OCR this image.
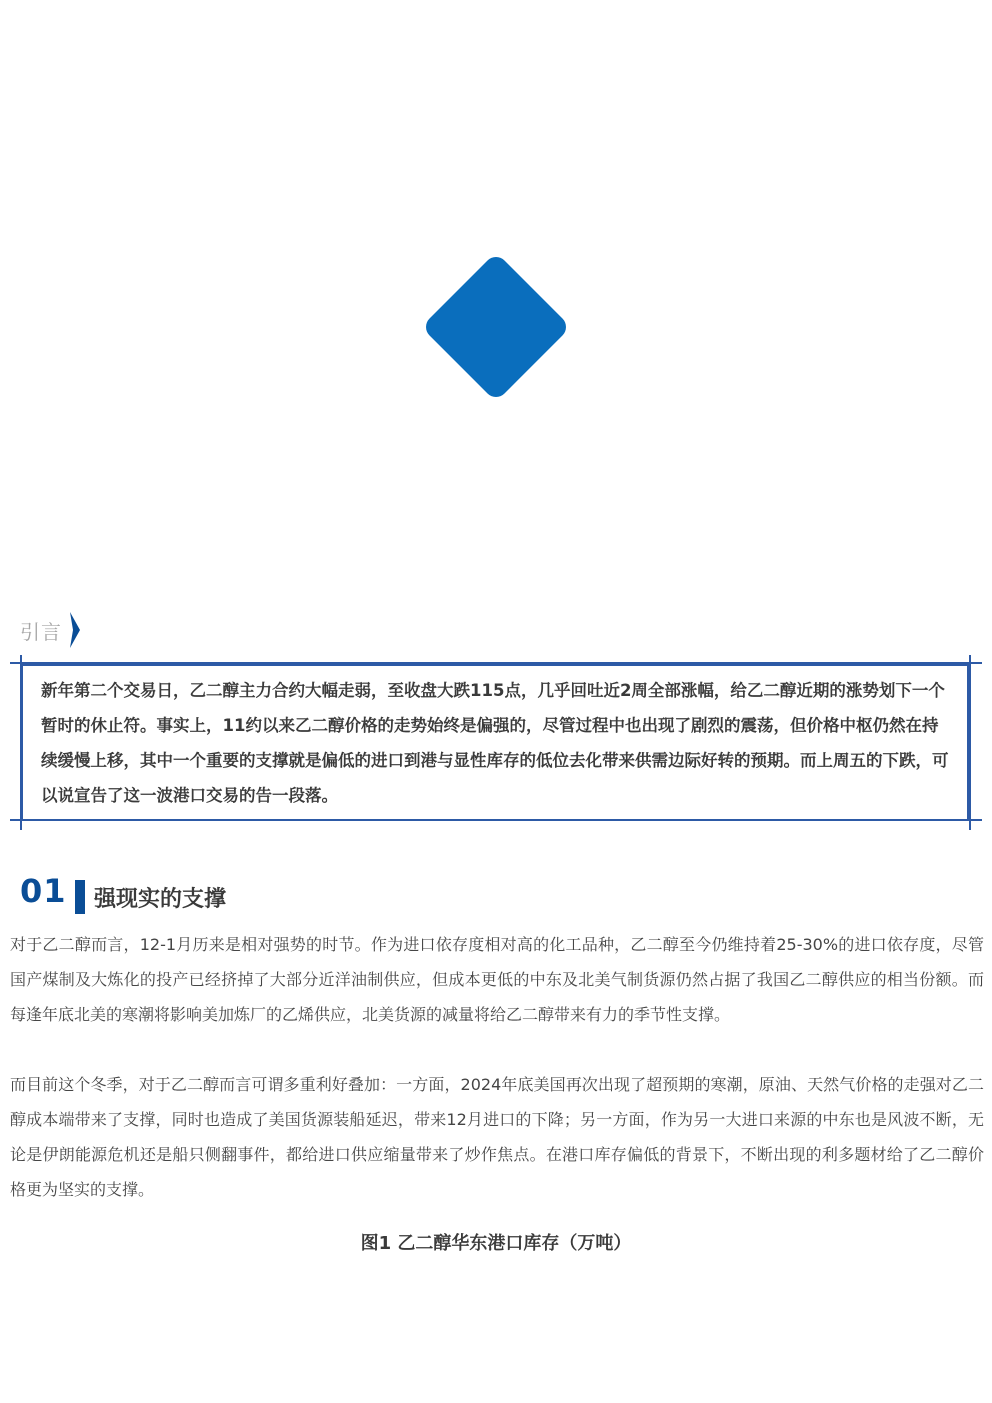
引言
新年第二个交易日，乙二醇主力合约大幅走弱，至收盘大跌115点，几乎回吐近2周全部涨幅，给乙二醇近期的涨势划下一个暂时的休止符。事实上，11约以来乙二醇价格的走势始终是偏强的，尽管过程中也出现了剧烈的震荡，但价格中枢仍然在持续缓慢上移，其中一个重要的支撑就是偏低的进口到港与显性库存的低位去化带来供需边际好转的预期。而上周五的下跌，可以说宣告了这一波港口交易的告一段落。
01 强现实的支撑

对于乙二醇而言，12-1月历来是相对强势的时节。作为进口依存度相对高的化工品种，乙二醇至今仍维持着25-30%的进口依存度，尽管国产煤制及大炼化的投产已经挤掉了大部分近洋油制供应，但成本更低的中东及北美气制货源仍然占据了我国乙二醇供应的相当份额。而每逢年底北美的寒潮将影响美加炼厂的乙烯供应，北美货源的减量将给乙二醇带来有力的季节性支撑。

而目前这个冬季，对于乙二醇而言可谓多重利好叠加：一方面，2024年底美国再次出现了超预期的寒潮，原油、天然气价格的走强对乙二醇成本端带来了支撑，同时也造成了美国货源装船延迟，带来12月进口的下降；另一方面，作为另一大进口来源的中东也是风波不断，无论是伊朗能源危机还是船只侧翻事件，都给进口供应缩量带来了炒作焦点。在港口库存偏低的背景下，不断出现的利多题材给了乙二醇价格更为坚实的支撑。

图1 乙二醇华东港口库存（万吨）
